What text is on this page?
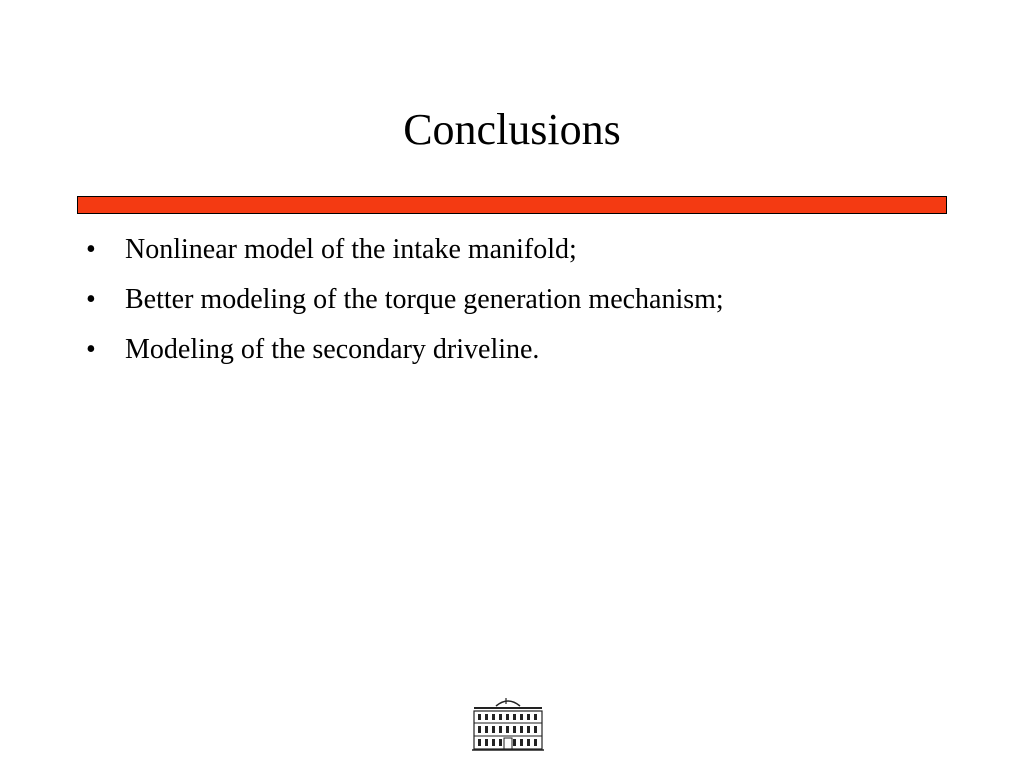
Conclusions
•	Nonlinear model of the intake manifold;
•	Better modeling of the torque generation mechanism;
•	Modeling of the secondary driveline.
